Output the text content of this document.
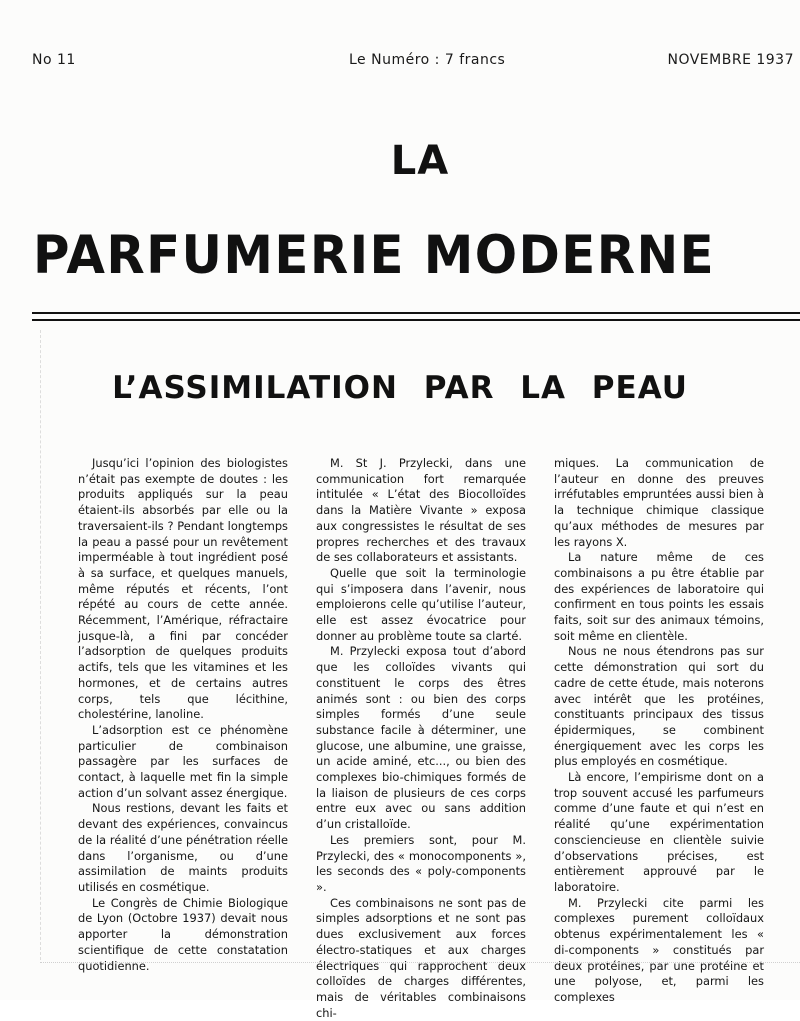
No 11	Le Numéro : 7 francs	NOVEMBRE 1937
LA
PARFUMERIE MODERNE
L’ASSIMILATION PAR LA PEAU

Jusqu’ici l’opinion des biologistes n’était pas exempte de doutes : les produits appliqués sur la peau étaient-ils absorbés par elle ou la traversaient-ils ? Pendant longtemps la peau a passé pour un revêtement imperméable à tout ingrédient posé à sa surface, et quelques manuels, même réputés et récents, l’ont répété au cours de cette année. Récemment, l’Amérique, réfractaire jusque-là, a fini par concéder l’adsorption de quelques produits actifs, tels que les vitamines et les hormones, et de certains autres corps, tels que lécithine, cholestérine, lanoline.

L’adsorption est ce phénomène particulier de combinaison passagère par les surfaces de contact, à laquelle met fin la simple action d’un solvant assez énergique.

Nous restions, devant les faits et devant des expériences, convaincus de la réalité d’une pénétration réelle dans l’organisme, ou d’une assimilation de maints produits utilisés en cosmétique.

Le Congrès de Chimie Biologique de Lyon (Octobre 1937) devait nous apporter la démonstration scientifique de cette constatation quotidienne.

M. St J. Przylecki, dans une communication fort remarquée intitulée « L’état des Biocolloïdes dans la Matière Vivante » exposa aux congressistes le résultat de ses propres recherches et des travaux de ses collaborateurs et assistants.

Quelle que soit la terminologie qui s’imposera dans l’avenir, nous emploierons celle qu’utilise l’auteur, elle est assez évocatrice pour donner au problème toute sa clarté.

M. Przylecki exposa tout d’abord que les colloïdes vivants qui constituent le corps des êtres animés sont : ou bien des corps simples formés d’une seule substance facile à déterminer, une glucose, une albumine, une graisse, un acide aminé, etc..., ou bien des complexes bio-chimiques formés de la liaison de plusieurs de ces corps entre eux avec ou sans addition d’un cristalloïde.

Les premiers sont, pour M. Przylecki, des « monocomponents », les seconds des « poly-components ».

Ces combinaisons ne sont pas de simples adsorptions et ne sont pas dues exclusivement aux forces électro-statiques et aux charges électriques qui rapprochent deux colloïdes de charges différentes, mais de véritables combinaisons chi-

miques. La communication de l’auteur en donne des preuves irréfutables empruntées aussi bien à la technique chimique classique qu’aux méthodes de mesures par les rayons X.

La nature même de ces combinaisons a pu être établie par des expériences de laboratoire qui confirment en tous points les essais faits, soit sur des animaux témoins, soit même en clientèle.

Nous ne nous étendrons pas sur cette démonstration qui sort du cadre de cette étude, mais noterons avec intérêt que les protéines, constituants principaux des tissus épidermiques, se combinent énergiquement avec les corps les plus employés en cosmétique.

Là encore, l’empirisme dont on a trop souvent accusé les parfumeurs comme d’une faute et qui n’est en réalité qu’une expérimentation consciencieuse en clientèle suivie d’observations précises, est entièrement approuvé par le laboratoire.

M. Przylecki cite parmi les complexes purement colloïdaux obtenus expérimentalement les « di-components » constitués par deux protéines, par une protéine et une polyose, et, parmi les complexes
